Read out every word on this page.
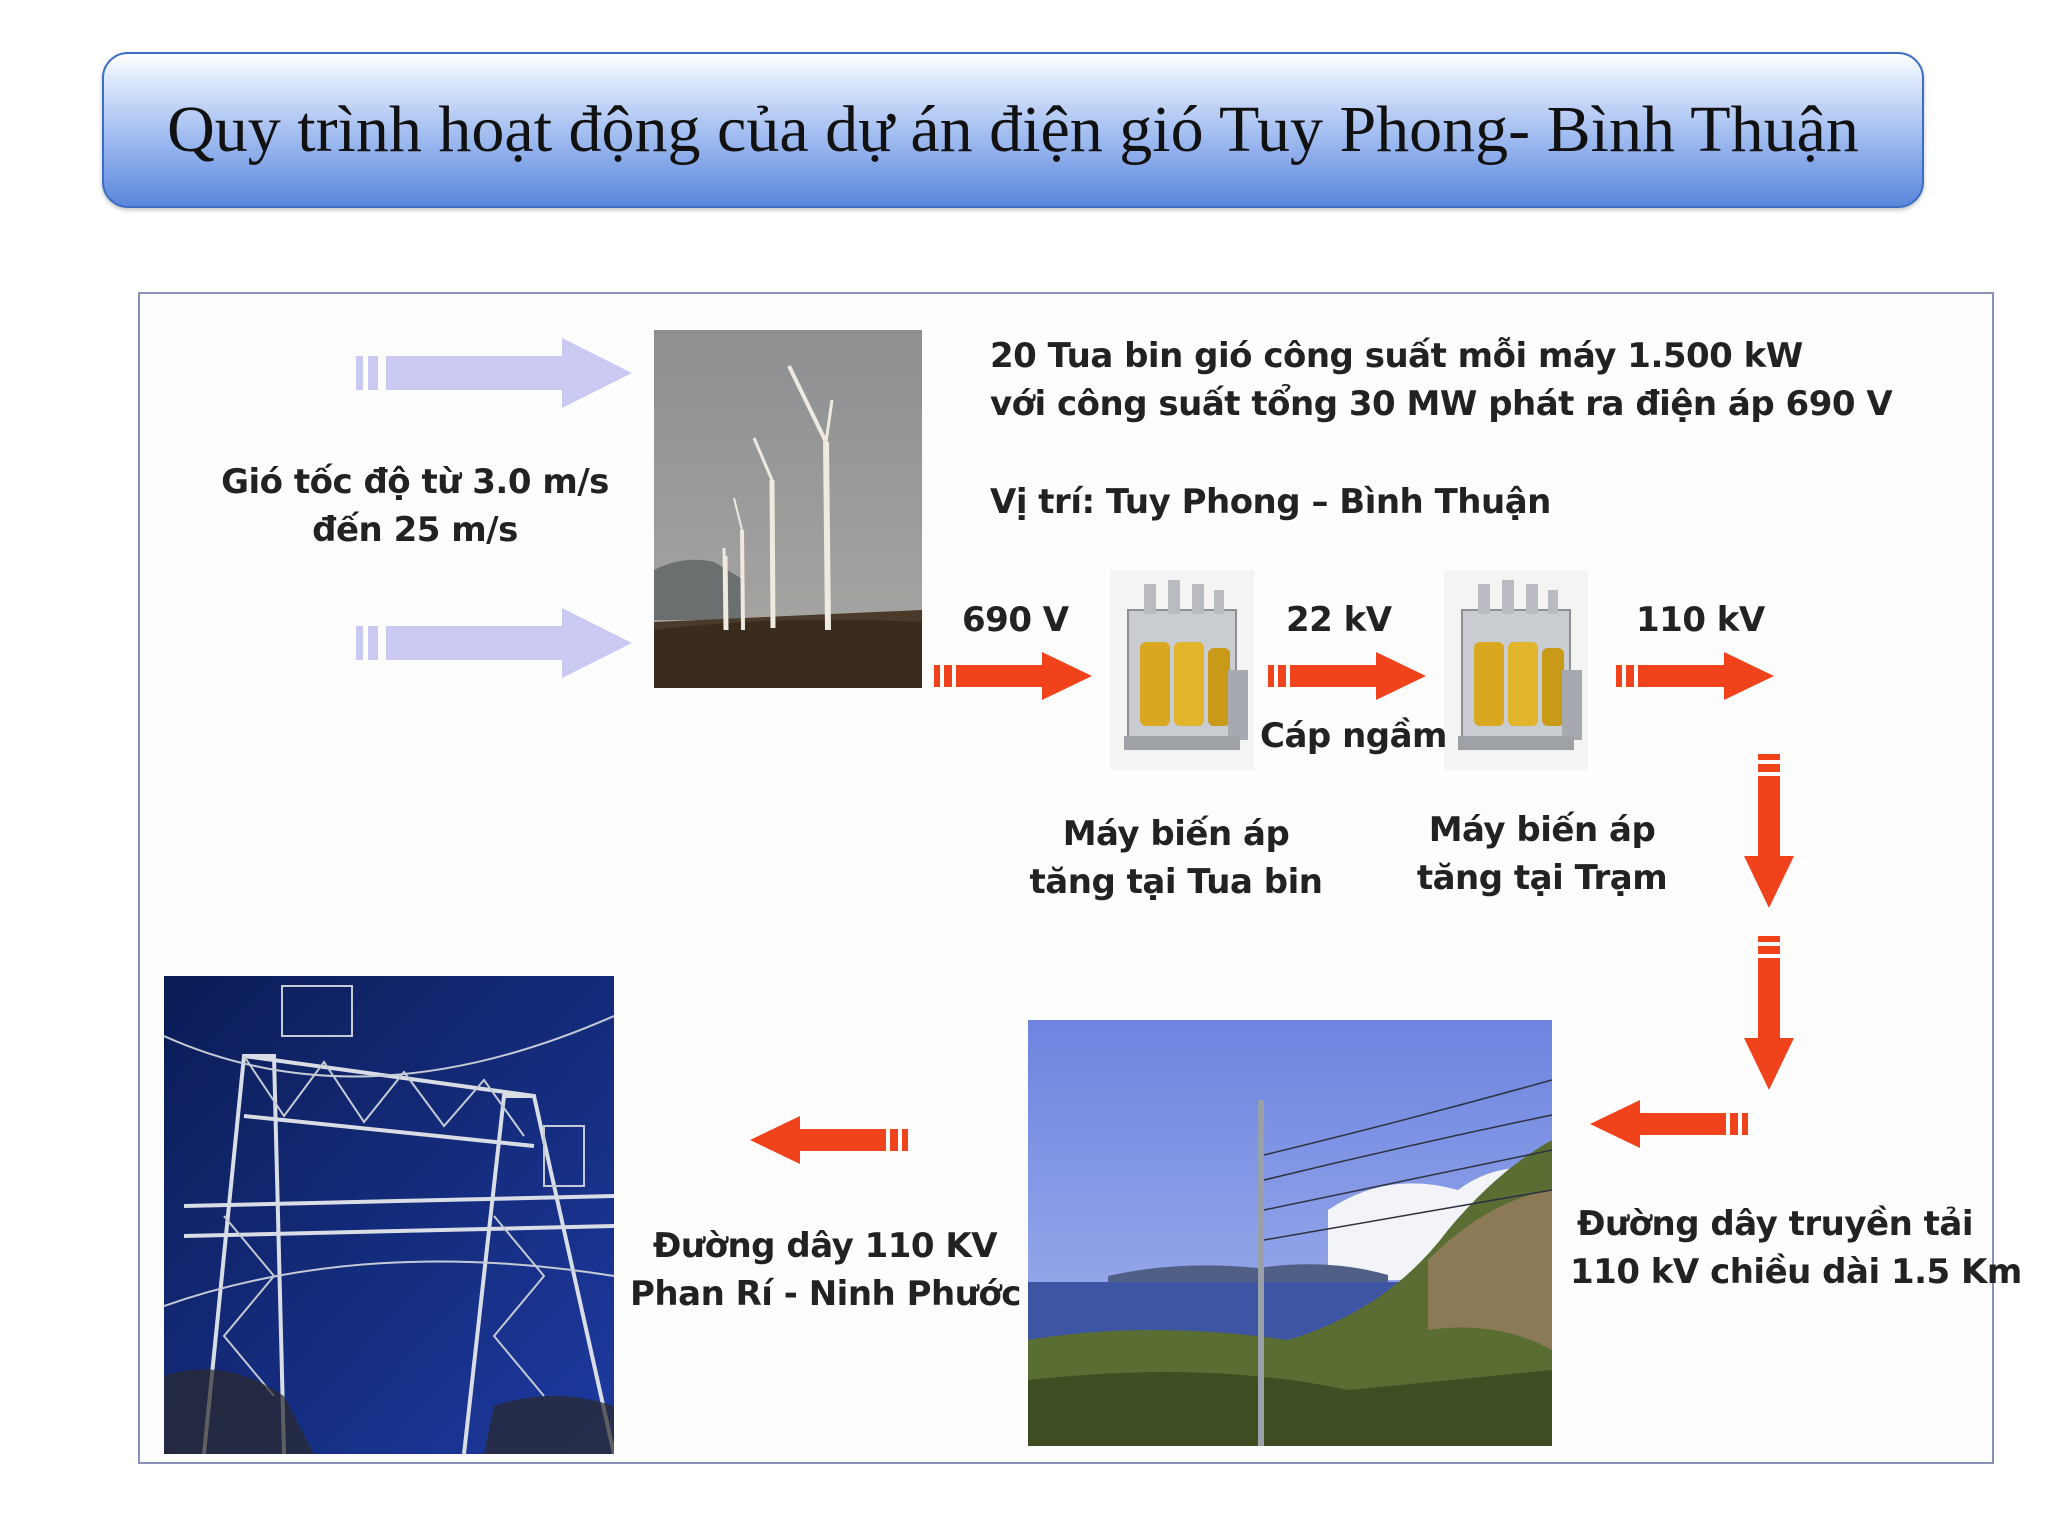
Quy trình hoạt động của dự án điện gió Tuy Phong- Bình Thuận
Gió tốc độ từ 3.0 m/s
đến 25 m/s
20 Tua bin gió công suất mỗi máy 1.500 kW
với công suất tổng 30 MW phát ra điện áp 690 V
Vị trí: Tuy Phong – Bình Thuận
690 V	22 kV	110 kV
Cáp ngầm
Máy biến áp
tăng tại Tua bin
Máy biến áp
tăng tại Trạm
Đường dây truyền tải
110 kV chiều dài 1.5 Km
Đường dây 110 KV
Phan Rí - Ninh Phước
